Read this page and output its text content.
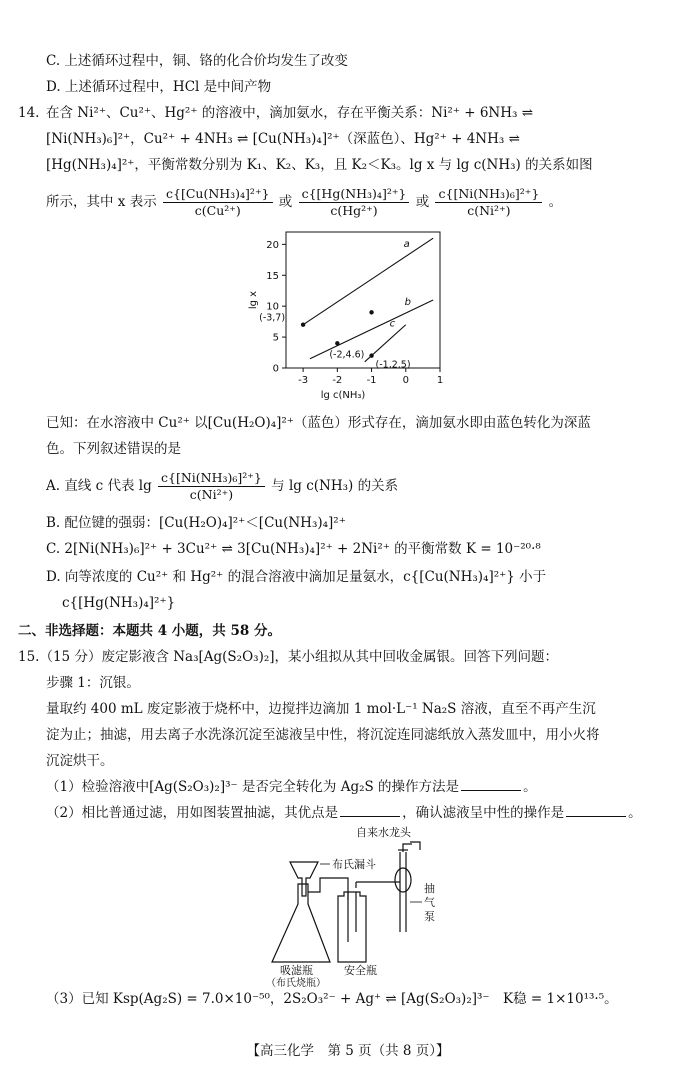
C. 上述循环过程中，铜、铬的化合价均发生了改变
D. 上述循环过程中，HCl 是中间产物
14. 在含 Ni²⁺、Cu²⁺、Hg²⁺ 的溶液中，滴加氨水，存在平衡关系：Ni²⁺ + 6NH₃ ⇌
[Ni(NH₃)₆]²⁺，Cu²⁺ + 4NH₃ ⇌ [Cu(NH₃)₄]²⁺（深蓝色）、Hg²⁺ + 4NH₃ ⇌
[Hg(NH₃)₄]²⁺，平衡常数分别为 K₁、K₂、K₃，且 K₂＜K₃。lg x 与 lg c(NH₃) 的关系如图
所示，其中 x 表示 $\frac{\text{c\{[Cu(NH₃)₄]²⁺\}}}{\text{c(Cu²⁺)}}$ 或 $\frac{\text{c\{[Hg(NH₃)₄]²⁺\}}}{\text{c(Hg²⁺)}}$ 或 $\frac{\text{c\{[Ni(NH₃)₆]²⁺\}}}{\text{c(Ni²⁺)}}$ 。
-3 -2 -1	0	1
0
5
10
15
20
lg c(NH₃)
lg x
a
b
c
(-3,7)
(-2,4.6)
(-1,2.5)
已知：在水溶液中 Cu²⁺ 以[Cu(H₂O)₄]²⁺（蓝色）形式存在，滴加氨水即由蓝色转化为深蓝
色。下列叙述错误的是
A. 直线 c 代表 $\lg \frac{\text{c\{[Ni(NH₃)₆]²⁺\}}}{\text{c(Ni²⁺)}}$ 与 lg c(NH₃) 的关系
B. 配位键的强弱：[Cu(H₂O)₄]²⁺＜[Cu(NH₃)₄]²⁺
C. 2[Ni(NH₃)₆]²⁺ + 3Cu²⁺ ⇌ 3[Cu(NH₃)₄]²⁺ + 2Ni²⁺ 的平衡常数 K = 10⁻²⁰·⁸
D. 向等浓度的 Cu²⁺ 和 Hg²⁺ 的混合溶液中滴加足量氨水，c{[Cu(NH₃)₄]²⁺} 小于
c{[Hg(NH₃)₄]²⁺}
二、非选择题：本题共 4 小题，共 58 分。
15.（15 分）废定影液含 Na₃[Ag(S₂O₃)₂]，某小组拟从其中回收金属银。回答下列问题：
步骤 1：沉银。
量取约 400 mL 废定影液于烧杯中，边搅拌边滴加 1 mol·L⁻¹ Na₂S 溶液，直至不再产生沉
淀为止；抽滤，用去离子水洗涤沉淀至滤液呈中性，将沉淀连同滤纸放入蒸发皿中，用小火将
沉淀烘干。
（1）检验溶液中[Ag(S₂O₃)₂]³⁻ 是否完全转化为 Ag₂S 的操作方法是	。
（2）相比普通过滤，用如图装置抽滤，其优点是	，确认滤液呈中性的操作是	。
布氏漏斗
自来水龙头
抽
气
泵
吸滤瓶
（布氏烧瓶）
安全瓶
（3）已知 Ksp(Ag₂S) = 7.0×10⁻⁵⁰，2S₂O₃²⁻ + Ag⁺ ⇌ [Ag(S₂O₃)₂]³⁻　K稳 = 1×10¹³·⁵。
【高三化学　第 5 页（共 8 页）】
